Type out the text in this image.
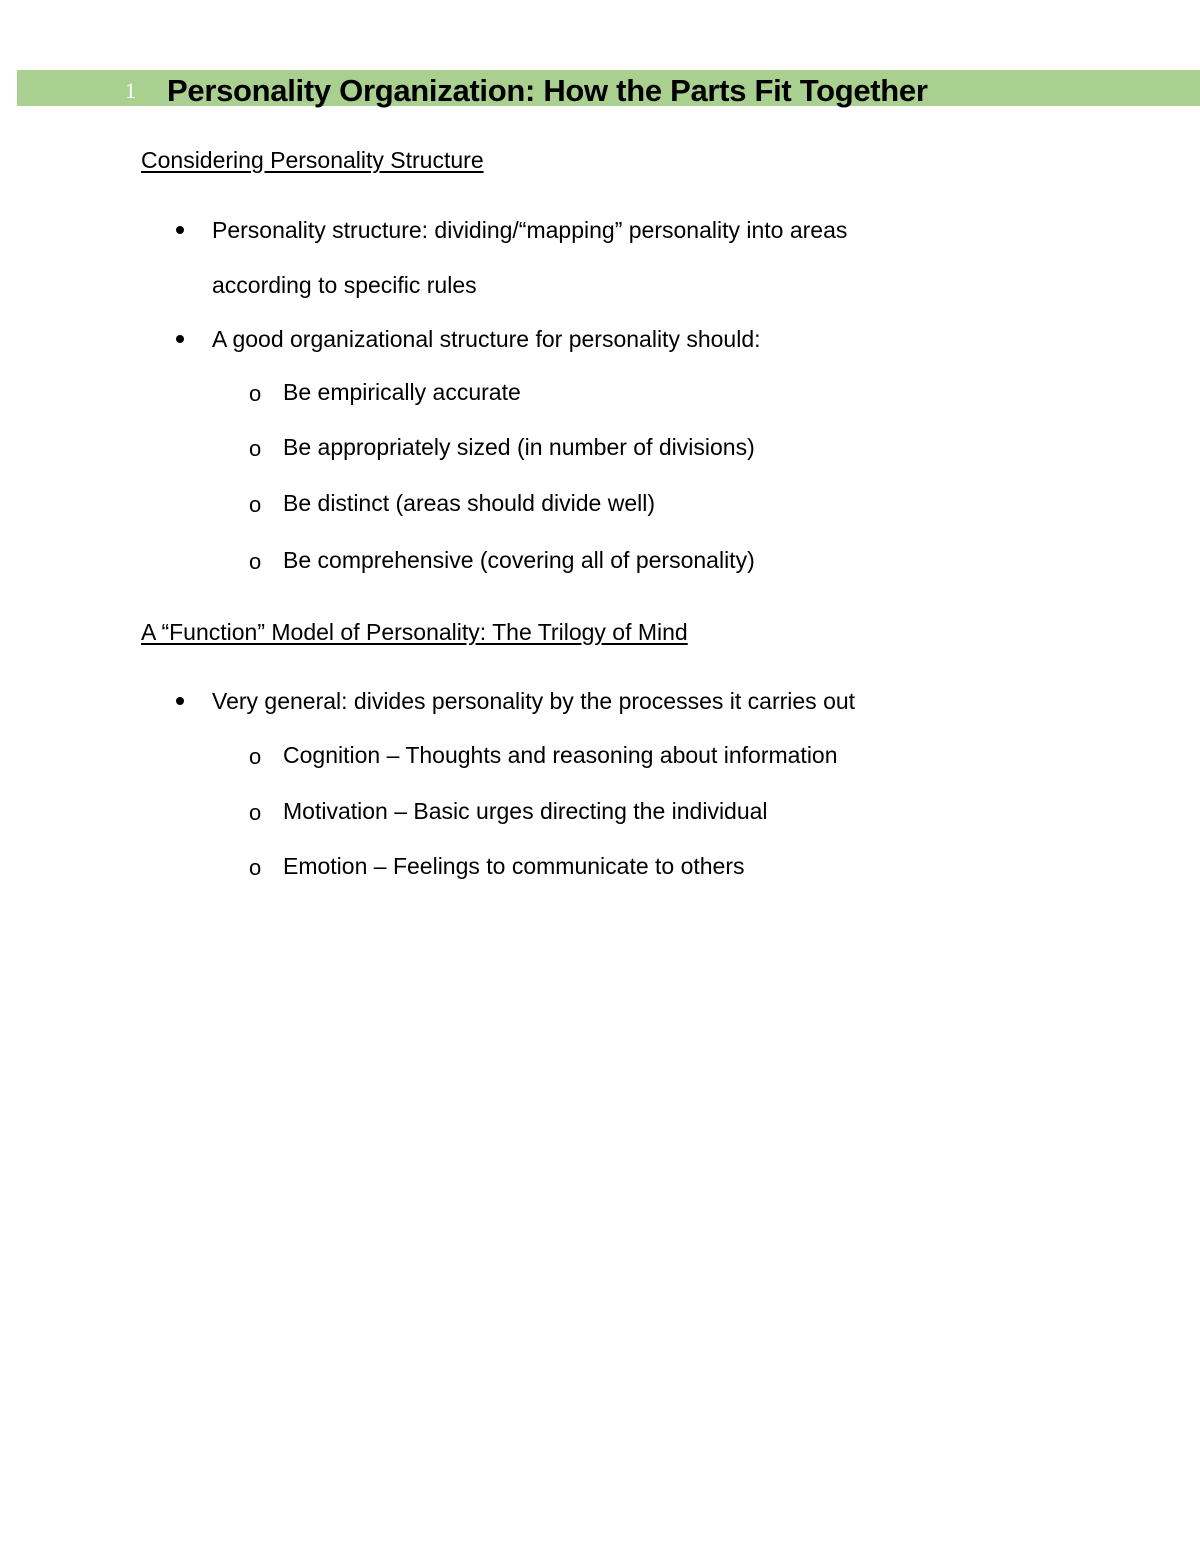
1 Personality Organization: How the Parts Fit Together
Considering Personality Structure
Personality structure: dividing/“mapping” personality into areas
according to specific rules
A good organizational structure for personality should:
o Be empirically accurate
o Be appropriately sized (in number of divisions)
o Be distinct (areas should divide well)
o Be comprehensive (covering all of personality)
A “Function” Model of Personality: The Trilogy of Mind
Very general: divides personality by the processes it carries out
o Cognition – Thoughts and reasoning about information
o Motivation – Basic urges directing the individual
o Emotion – Feelings to communicate to others
